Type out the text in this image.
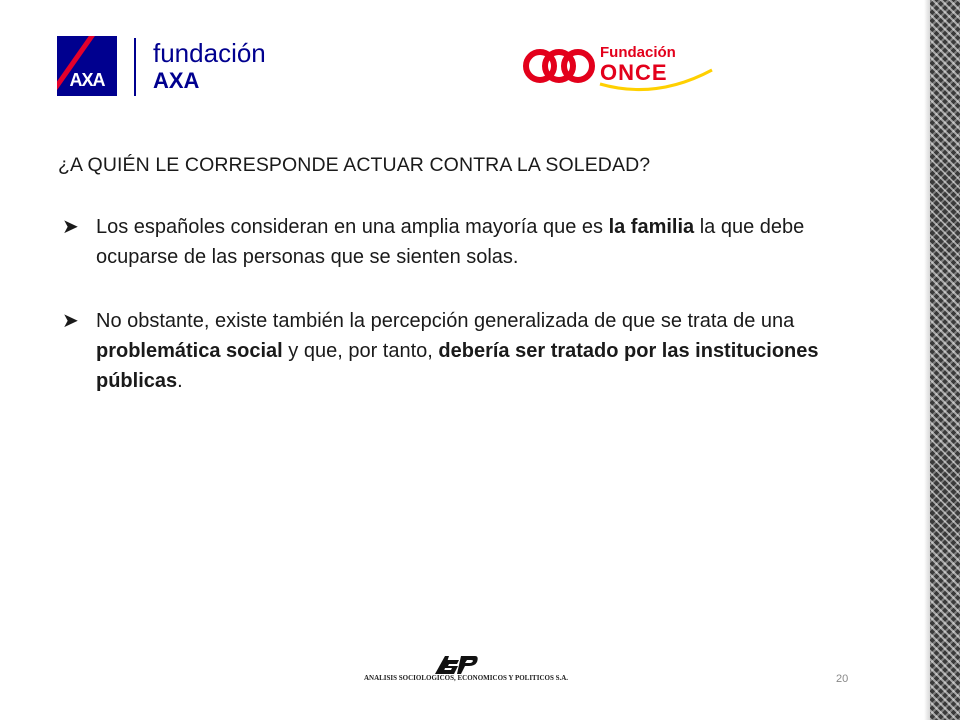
AXA
fundación
AXA
Fundación
ONCE
¿A QUIÉN LE CORRESPONDE ACTUAR CONTRA LA SOLEDAD?
➤ Los españoles consideran en una amplia mayoría que es la familia la que debe ocuparse de las personas que se sienten solas.
➤ No obstante, existe también la percepción generalizada de que se trata de una problemática social y que, por tanto, debería ser tratado por las instituciones públicas.
ANALISIS SOCIOLOGICOS, ECONOMICOS Y POLITICOS S.A.	20
